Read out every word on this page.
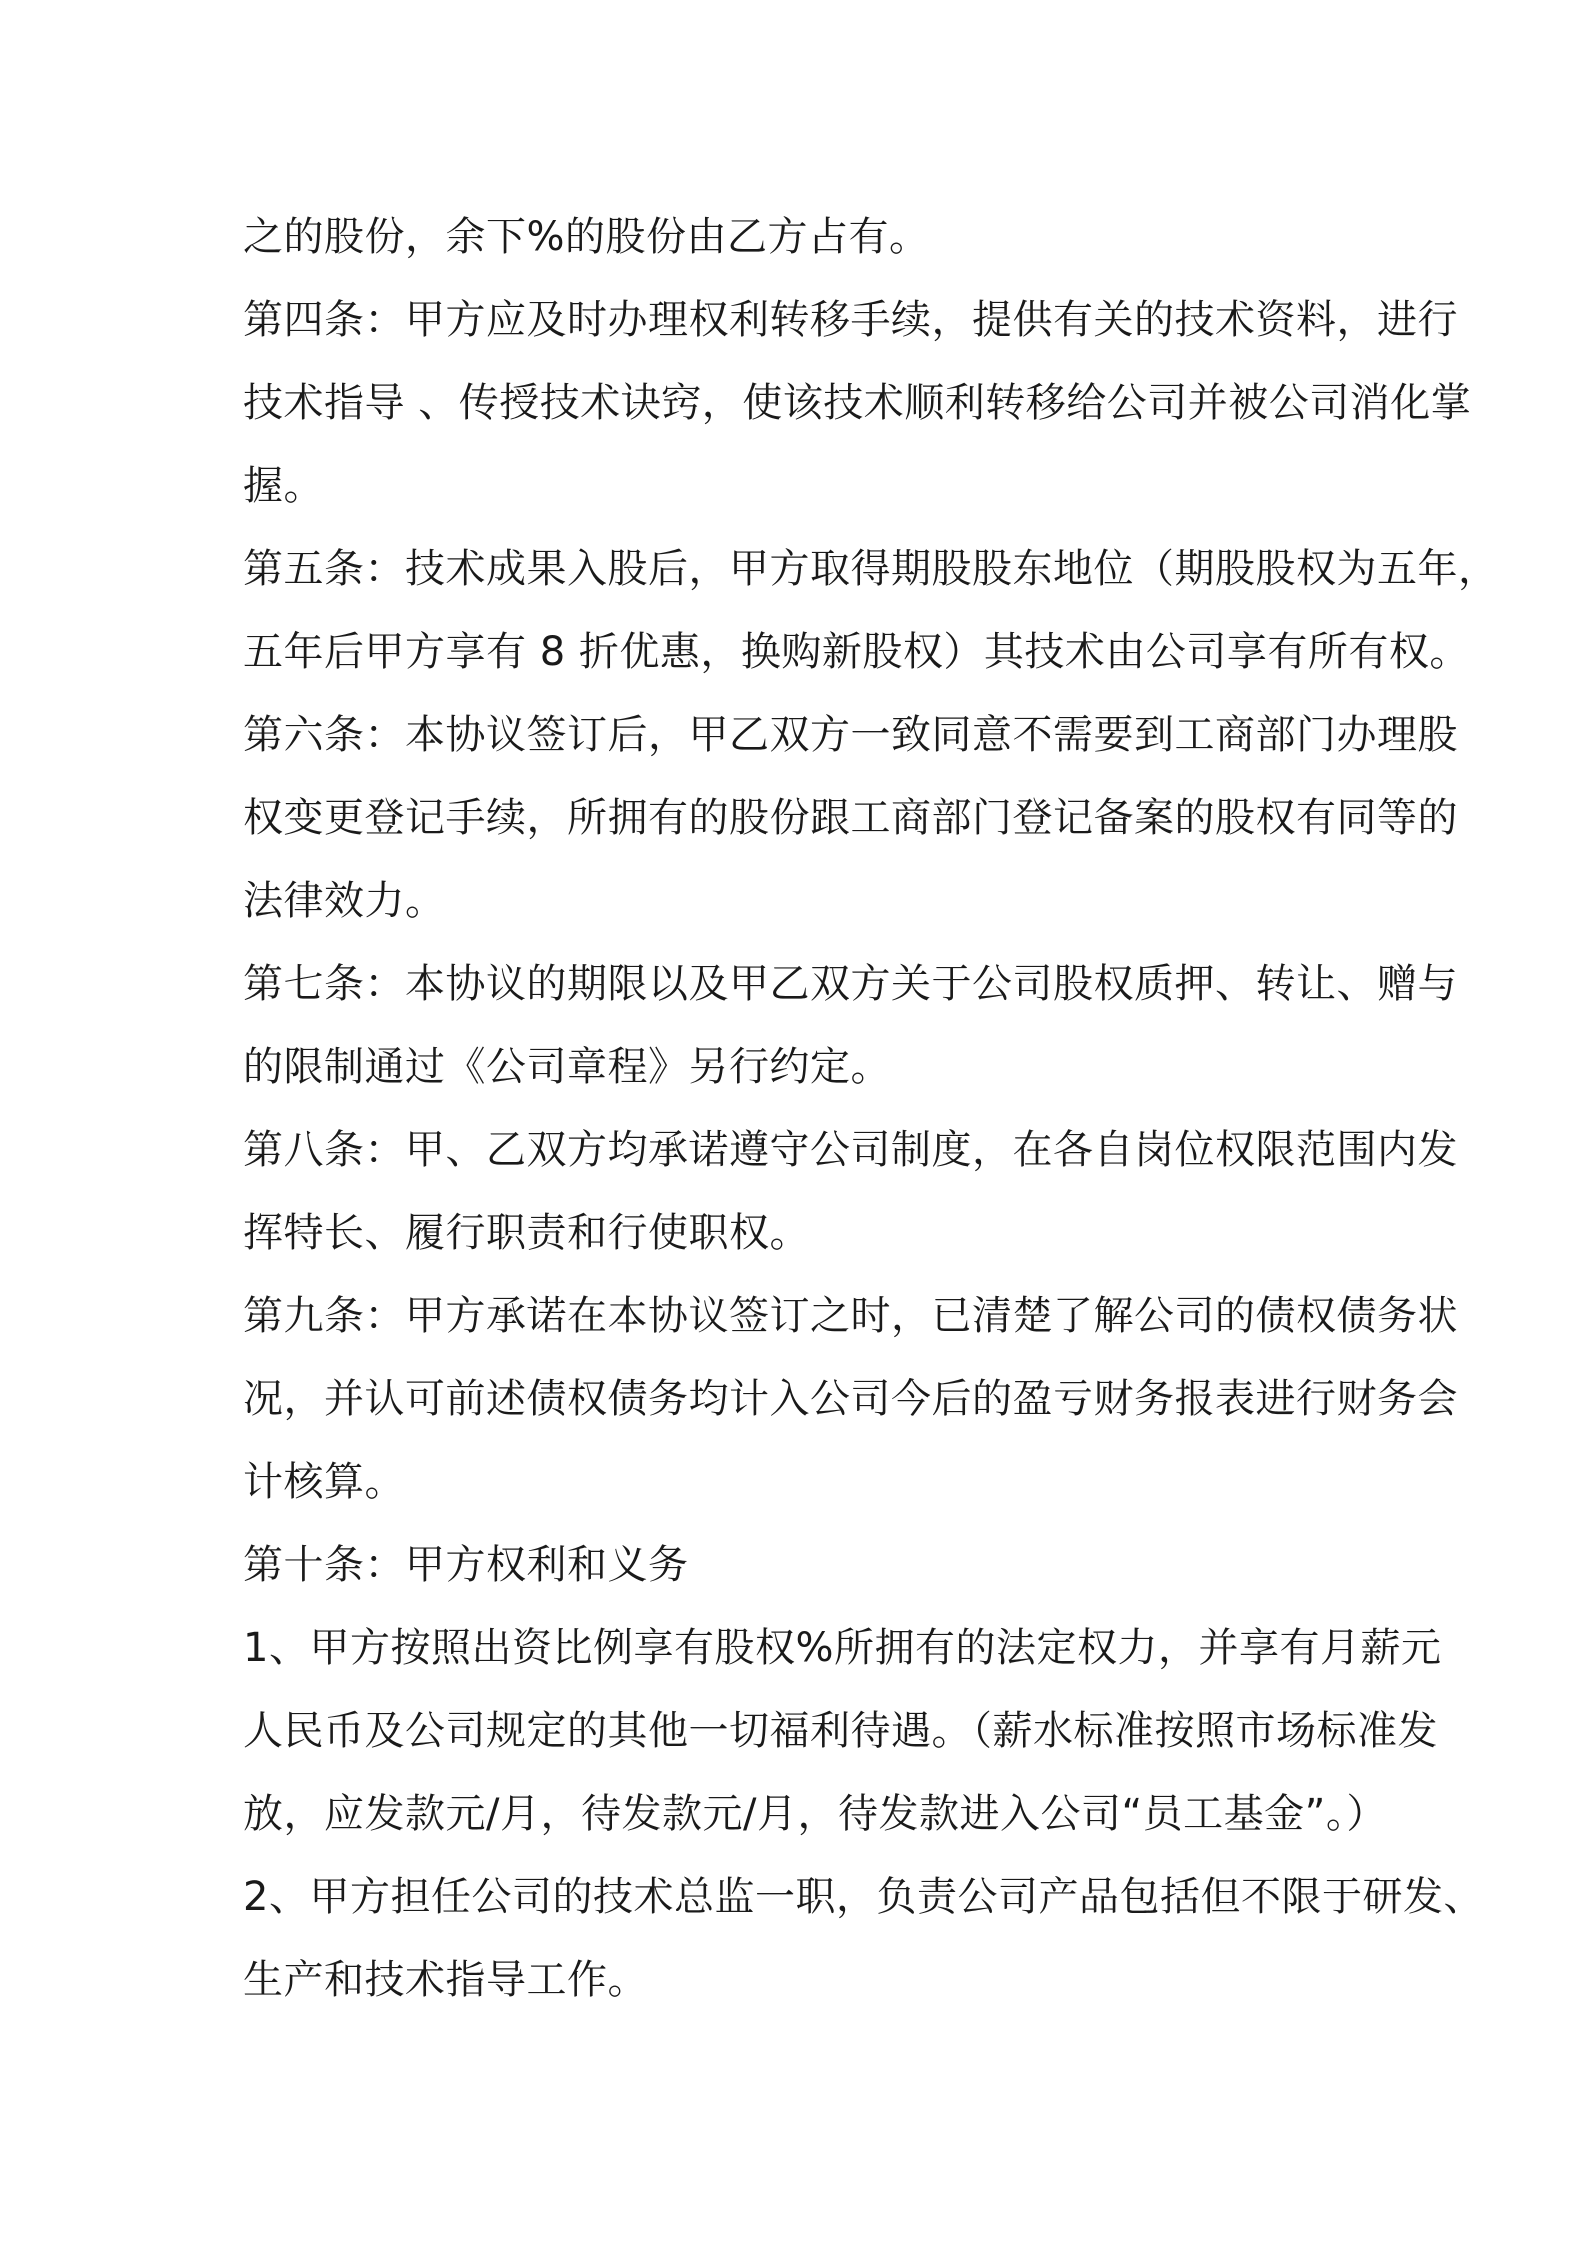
之的股份，余下%的股份由乙方占有。
第四条：甲方应及时办理权利转移手续，提供有关的技术资料，进行
技术指导 、传授技术诀窍，使该技术顺利转移给公司并被公司消化掌
握。
第五条：技术成果入股后，甲方取得期股股东地位（期股股权为五年，
五年后甲方享有 8 折优惠，换购新股权）其技术由公司享有所有权。
第六条：本协议签订后，甲乙双方一致同意不需要到工商部门办理股
权变更登记手续，所拥有的股份跟工商部门登记备案的股权有同等的
法律效力。
第七条：本协议的期限以及甲乙双方关于公司股权质押、转让、赠与
的限制通过《公司章程》另行约定。
第八条：甲、乙双方均承诺遵守公司制度，在各自岗位权限范围内发
挥特长、履行职责和行使职权。
第九条：甲方承诺在本协议签订之时，已清楚了解公司的债权债务状
况，并认可前述债权债务均计入公司今后的盈亏财务报表进行财务会
计核算。
第十条：甲方权利和义务
1、甲方按照出资比例享有股权%所拥有的法定权力，并享有月薪元
人民币及公司规定的其他一切福利待遇。（薪水标准按照市场标准发
放，应发款元/月，待发款元/月，待发款进入公司“员工基金”。）
2、甲方担任公司的技术总监一职，负责公司产品包括但不限于研发、
生产和技术指导工作。
